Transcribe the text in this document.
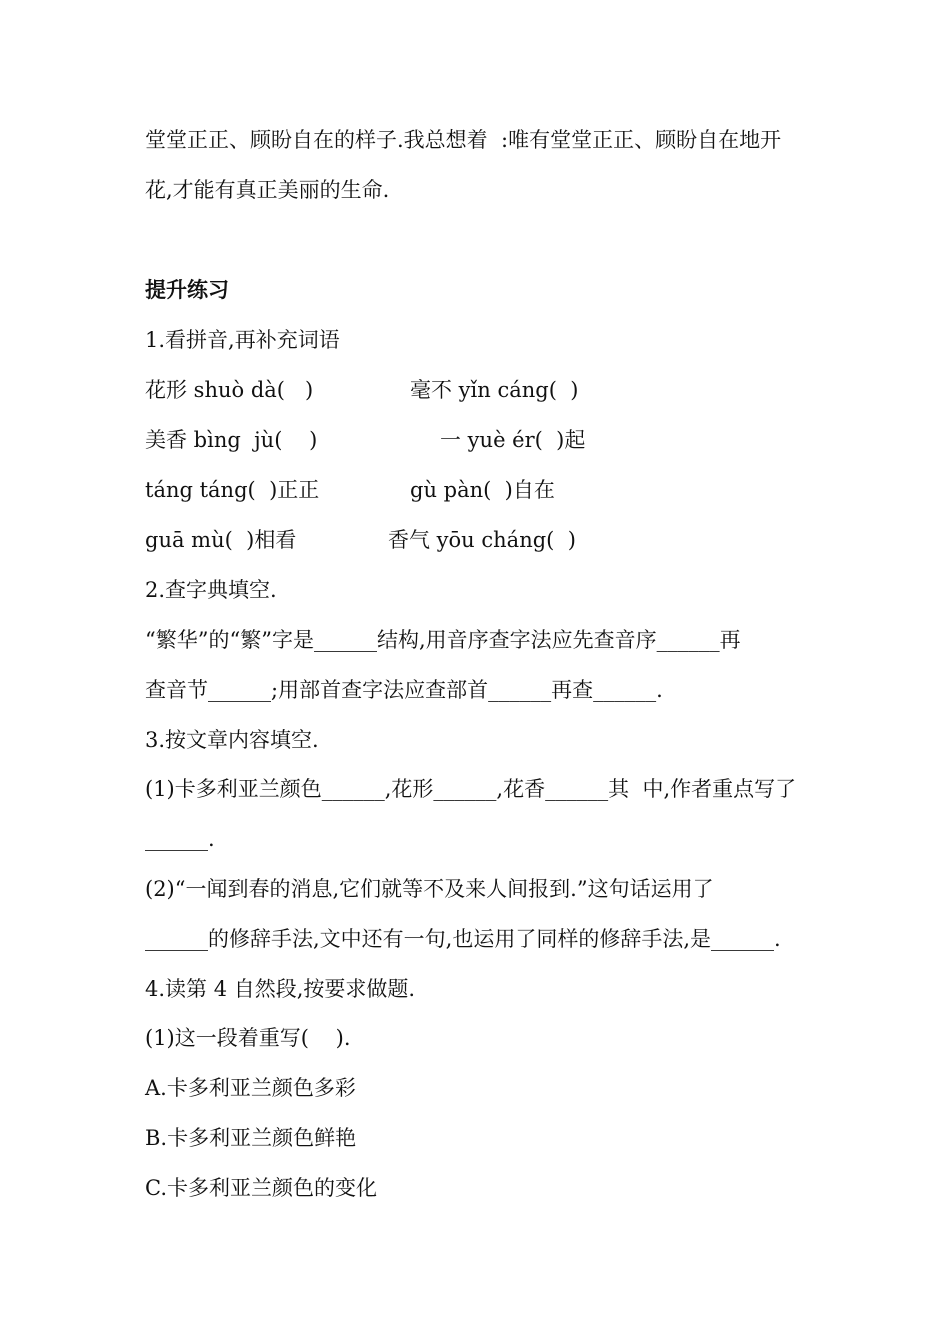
堂堂正正、顾盼自在的样子.我总想着  :唯有堂堂正正、顾盼自在地开
花,才能有真正美丽的生命.
提升练习
1.看拼音,再补充词语
花形 shuò dà(   )	毫不 yǐn cáng(  )
美香 bìng  jù(    )	一 yuè ér(  )起
táng táng(  )正正	gù pàn(  )自在
guā mù(  )相看	香气 yōu cháng(  )
2.查字典填空.
“繁华”的“繁”字是______结构,用音序查字法应先查音序______再
查音节______;用部首查字法应查部首______再查______.
3.按文章内容填空.
(1)卡多利亚兰颜色______,花形______,花香______其  中,作者重点写了
______.
(2)“一闻到春的消息,它们就等不及来人间报到.”这句话运用了
______的修辞手法,文中还有一句,也运用了同样的修辞手法,是______.
4.读第 4 自然段,按要求做题.
(1)这一段着重写(    ).
A.卡多利亚兰颜色多彩
B.卡多利亚兰颜色鲜艳
C.卡多利亚兰颜色的变化
